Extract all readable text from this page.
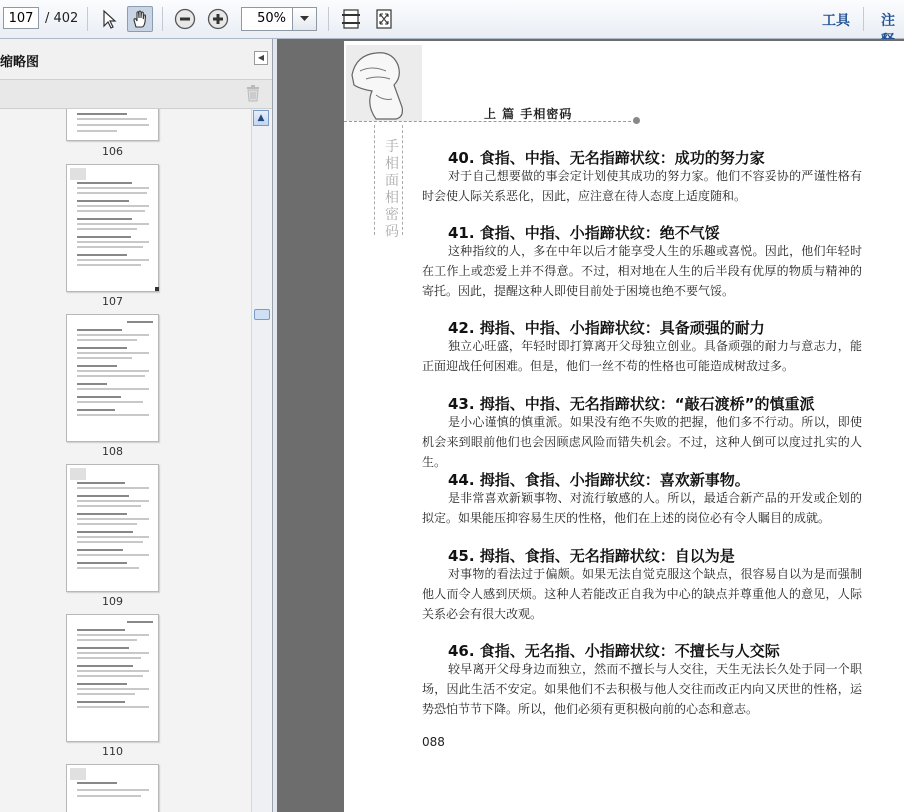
107 / 402	50%	工具 注
缩略图	◀
106
107
108
109
110
▲	上 篇 手相密码
手相面相密码
40. 食指、中指、无名指蹄状纹：成功的努力家
对于自己想要做的事会定计划使其成功的努力家。他们不容妥协的严谨性格有时会使人际关系恶化，因此，应注意在待人态度上适度随和。
41. 食指、中指、小指蹄状纹：绝不气馁
这种指纹的人，多在中年以后才能享受人生的乐趣或喜悦。因此，他们年轻时在工作上或恋爱上并不得意。不过，相对地在人生的后半段有优厚的物质与精神的寄托。因此，提醒这种人即使目前处于困境也绝不要气馁。
42. 拇指、中指、小指蹄状纹：具备顽强的耐力
独立心旺盛，年轻时即打算离开父母独立创业。具备顽强的耐力与意志力，能正面迎战任何困难。但是，他们一丝不苟的性格也可能造成树敌过多。
43. 拇指、中指、无名指蹄状纹：“敲石渡桥”的慎重派
是小心谨慎的慎重派。如果没有绝不失败的把握，他们多不行动。所以，即使机会来到眼前他们也会因顾虑风险而错失机会。不过，这种人倒可以度过扎实的人生。
44. 拇指、食指、小指蹄状纹：喜欢新事物。
是非常喜欢新颖事物、对流行敏感的人。所以，最适合新产品的开发或企划的拟定。如果能压抑容易生厌的性格，他们在上述的岗位必有令人瞩目的成就。
45. 拇指、食指、无名指蹄状纹：自以为是
对事物的看法过于偏颇。如果无法自觉克服这个缺点，很容易自以为是而强制他人而令人感到厌烦。这种人若能改正自我为中心的缺点并尊重他人的意见，人际关系必会有很大改观。
46. 食指、无名指、小指蹄状纹：不擅长与人交际
较早离开父母身边而独立，然而不擅长与人交往，天生无法长久处于同一个职场，因此生活不安定。如果他们不去积极与他人交往而改正内向又厌世的性格，运势恐怕节节下降。所以，他们必须有更积极向前的心态和意志。
088
